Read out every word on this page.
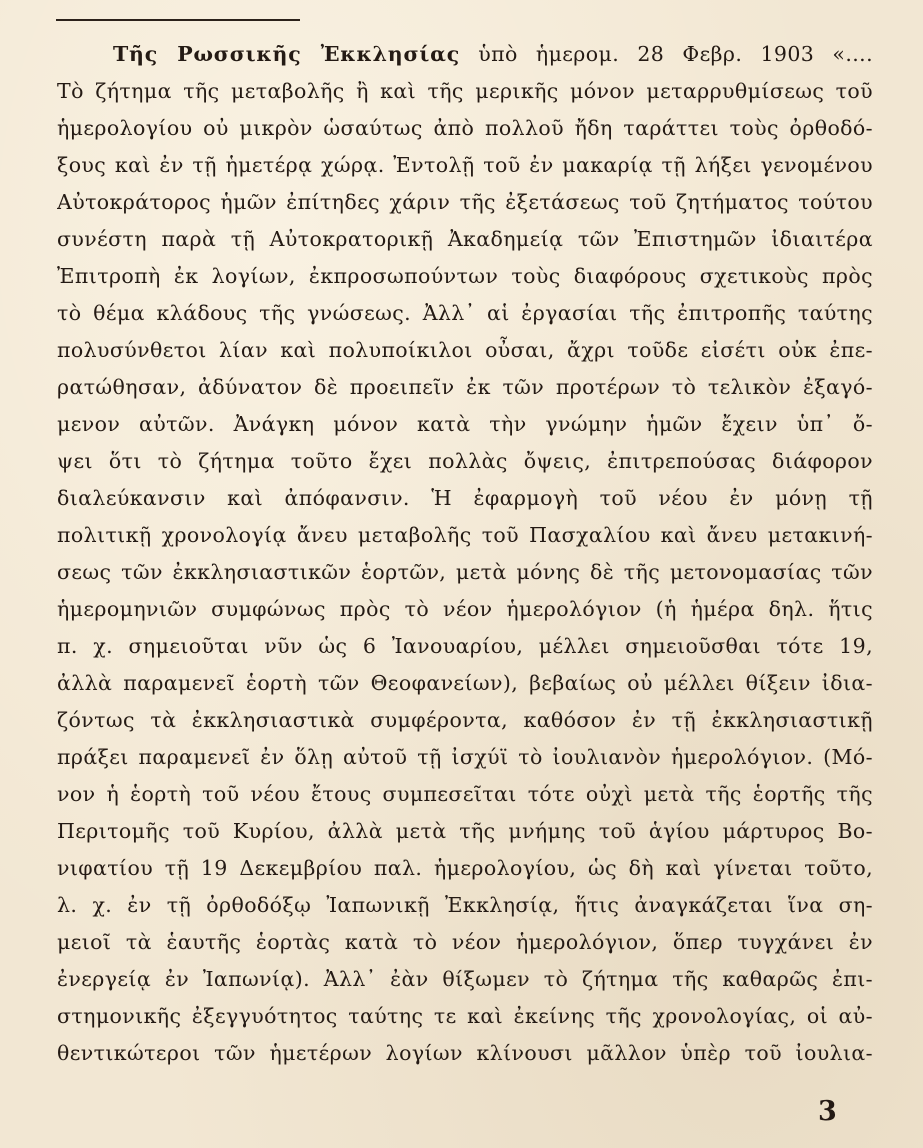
Τῆς Ρωσσικῆς Ἐκκλησίας ὑπὸ ἡμερομ. 28 Φεβρ. 1903 «....
Τὸ ζήτημα τῆς μεταβολῆς ἢ καὶ τῆς μερικῆς μόνον μεταρρυθμίσεως τοῦ
ἡμερολογίου οὐ μικρὸν ὡσαύτως ἀπὸ πολλοῦ ἤδη ταράττει τοὺς ὀρθοδό-
ξους καὶ ἐν τῇ ἡμετέρᾳ χώρᾳ. Ἐντολῇ τοῦ ἐν μακαρίᾳ τῇ λήξει γενομένου
Αὐτοκράτορος ἡμῶν ἐπίτηδες χάριν τῆς ἐξετάσεως τοῦ ζητήματος τούτου
συνέστη παρὰ τῇ Αὐτοκρατορικῇ Ἀκαδημείᾳ τῶν Ἐπιστημῶν ἰδιαιτέρα
Ἐπιτροπὴ ἐκ λογίων, ἐκπροσωπούντων τοὺς διαφόρους σχετικοὺς πρὸς
τὸ θέμα κλάδους τῆς γνώσεως. Ἀλλ᾿ αἱ ἐργασίαι τῆς ἐπιτροπῆς ταύτης
πολυσύνθετοι λίαν καὶ πολυποίκιλοι οὖσαι, ἄχρι τοῦδε εἰσέτι οὐκ ἐπε-
ρατώθησαν, ἀδύνατον δὲ προειπεῖν ἐκ τῶν προτέρων τὸ τελικὸν ἐξαγό-
μενον αὐτῶν. Ἀνάγκη μόνον κατὰ τὴν γνώμην ἡμῶν ἔχειν ὑπ᾿ ὄ-
ψει ὅτι τὸ ζήτημα τοῦτο ἔχει πολλὰς ὄψεις, ἐπιτρεπούσας διάφορον
διαλεύκανσιν καὶ ἀπόφανσιν. Ἡ ἐφαρμογὴ τοῦ νέου ἐν μόνῃ τῇ
πολιτικῇ χρονολογίᾳ ἄνευ μεταβολῆς τοῦ Πασχαλίου καὶ ἄνευ μετακινή-
σεως τῶν ἐκκλησιαστικῶν ἑορτῶν, μετὰ μόνης δὲ τῆς μετονομασίας τῶν
ἡμερομηνιῶν συμφώνως πρὸς τὸ νέον ἡμερολόγιον (ἡ ἡμέρα δηλ. ἥτις
π. χ. σημειοῦται νῦν ὡς 6 Ἰανουαρίου, μέλλει σημειοῦσθαι τότε 19,
ἀλλὰ παραμενεῖ ἑορτὴ τῶν Θεοφανείων), βεβαίως οὐ μέλλει θίξειν ἰδια-
ζόντως τὰ ἐκκλησιαστικὰ συμφέροντα, καθόσον ἐν τῇ ἐκκλησιαστικῇ
πράξει παραμενεῖ ἐν ὅλῃ αὐτοῦ τῇ ἰσχύϊ τὸ ἰουλιανὸν ἡμερολόγιον. (Μό-
νον ἡ ἑορτὴ τοῦ νέου ἔτους συμπεσεῖται τότε οὐχὶ μετὰ τῆς ἑορτῆς τῆς
Περιτομῆς τοῦ Κυρίου, ἀλλὰ μετὰ τῆς μνήμης τοῦ ἁγίου μάρτυρος Βο-
νιφατίου τῇ 19 Δεκεμβρίου παλ. ἡμερολογίου, ὡς δὴ καὶ γίνεται τοῦτο,
λ. χ. ἐν τῇ ὀρθοδόξῳ Ἰαπωνικῇ Ἐκκλησίᾳ, ἥτις ἀναγκάζεται ἵνα ση-
μειοῖ τὰ ἑαυτῆς ἑορτὰς κατὰ τὸ νέον ἡμερολόγιον, ὅπερ τυγχάνει ἐν
ἐνεργείᾳ ἐν Ἰαπωνίᾳ). Ἀλλ᾿ ἐὰν θίξωμεν τὸ ζήτημα τῆς καθαρῶς ἐπι-
στημονικῆς ἐξεγγυότητος ταύτης τε καὶ ἐκείνης τῆς χρονολογίας, οἱ αὐ-
θεντικώτεροι τῶν ἡμετέρων λογίων κλίνουσι μᾶλλον ὑπὲρ τοῦ ἰουλια-
3
